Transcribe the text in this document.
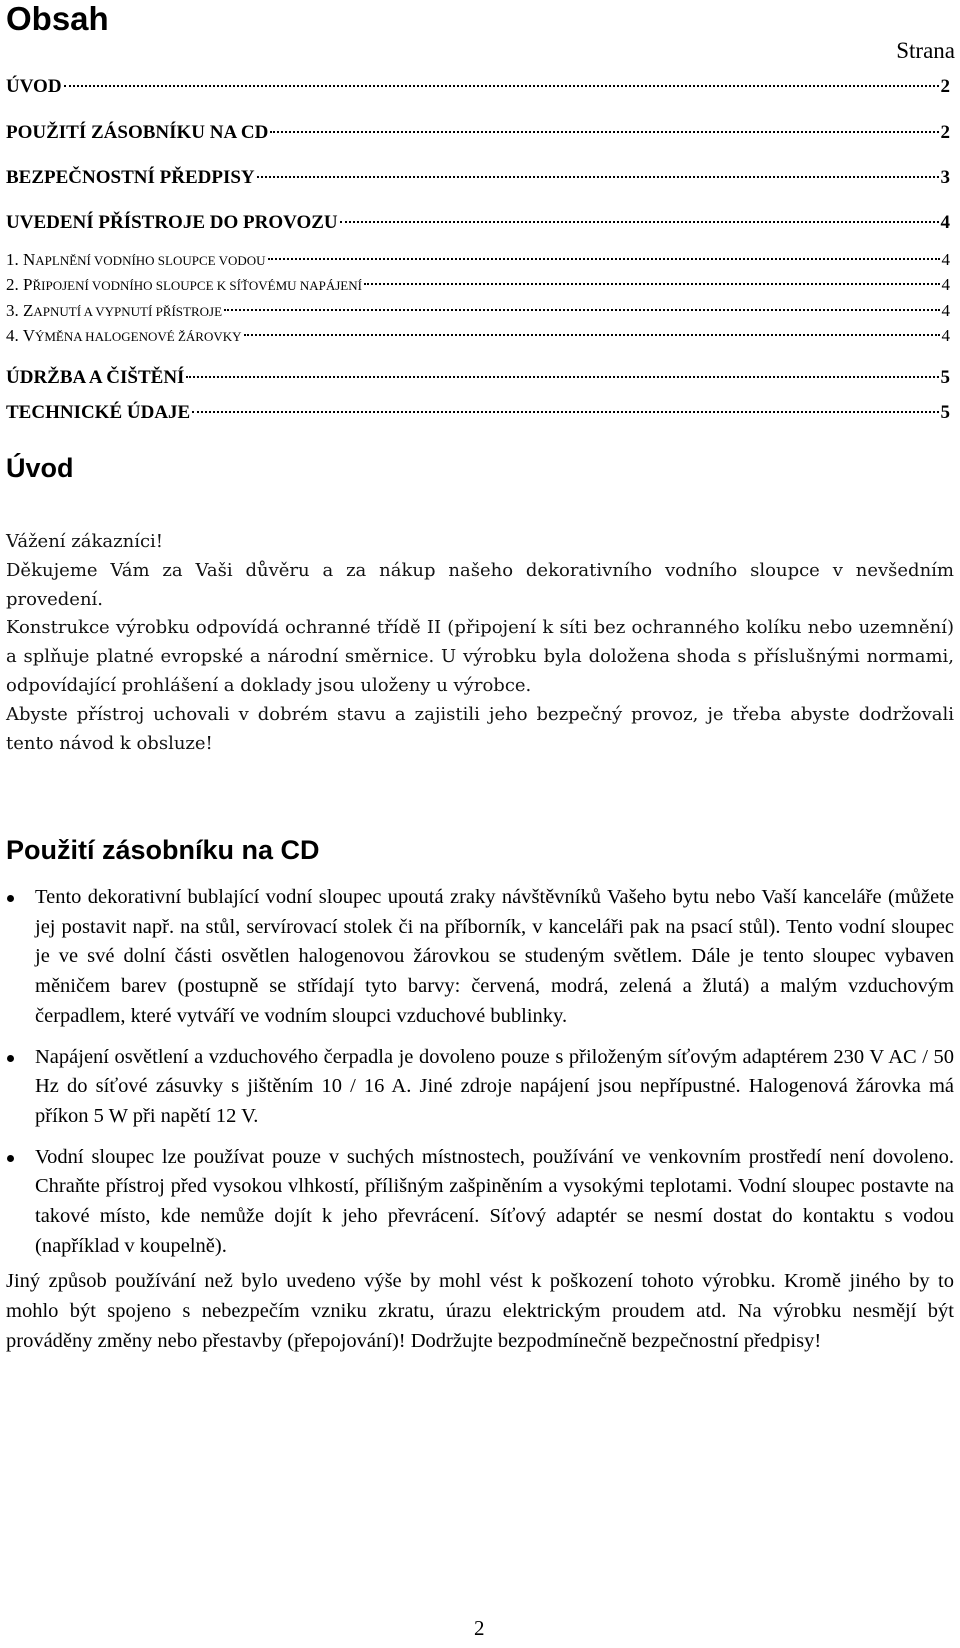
Obsah
Strana
ÚVOD	2
POUŽITÍ ZÁSOBNÍKU NA CD	2
BEZPEČNOSTNÍ PŘEDPISY	3
UVEDENÍ PŘÍSTROJE DO PROVOZU	4
1. NAPLNĚNÍ VODNÍHO SLOUPCE VODOU	4
2. PŘIPOJENÍ VODNÍHO SLOUPCE K SÍŤOVÉMU NAPÁJENÍ	4
3. ZAPNUTÍ A VYPNUTÍ PŘÍSTROJE	4
4. VÝMĚNA HALOGENOVÉ ŽÁROVKY	4
ÚDRŽBA A ČIŠTĚNÍ	5
TECHNICKÉ ÚDAJE	5
Úvod

Vážení zákazníci!

Děkujeme Vám za Vaši důvěru a za nákup našeho dekorativního vodního sloupce v nevšedním provedení.

Konstrukce výrobku odpovídá ochranné třídě II (připojení k síti bez ochranného kolíku nebo uzemnění) a splňuje platné evropské a národní směrnice. U výrobku byla doložena shoda s příslušnými normami, odpovídající prohlášení a doklady jsou uloženy u výrobce.

Abyste přístroj uchovali v dobrém stavu a zajistili jeho bezpečný provoz, je třeba abyste dodržovali tento návod k obsluze!

Použití zásobníku na CD
Tento dekorativní bublající vodní sloupec upoutá zraky návštěvníků Vašeho bytu nebo Vaší kanceláře (můžete jej postavit např. na stůl, servírovací stolek či na příborník, v kanceláři pak na psací stůl). Tento vodní sloupec je ve své dolní části osvětlen halogenovou žárovkou se studeným světlem. Dále je tento sloupec vybaven měničem barev (postupně se střídají tyto barvy: červená, modrá, zelená a žlutá) a malým vzduchovým čerpadlem, které vytváří ve vodním sloupci vzduchové bublinky.
Napájení osvětlení a vzduchového čerpadla je dovoleno pouze s přiloženým síťovým adaptérem 230 V AC / 50 Hz do síťové zásuvky s jištěním 10 / 16 A. Jiné zdroje napájení jsou nepřípustné. Halogenová žárovka má příkon 5 W při napětí 12 V.
Vodní sloupec lze používat pouze v suchých místnostech, používání ve venkovním prostředí není dovoleno. Chraňte přístroj před vysokou vlhkostí, přílišným zašpiněním a vysokými teplotami. Vodní sloupec postavte na takové místo, kde nemůže dojít k jeho převrácení. Síťový adaptér se nesmí dostat do kontaktu s vodou (například v koupelně).

Jiný způsob používání než bylo uvedeno výše by mohl vést k poškození tohoto výrobku. Kromě jiného by to mohlo být spojeno s nebezpečím vzniku zkratu, úrazu elektrickým proudem atd. Na výrobku nesmějí být prováděny změny nebo přestavby (přepojování)! Dodržujte bezpodmínečně bezpečnostní předpisy!

2
